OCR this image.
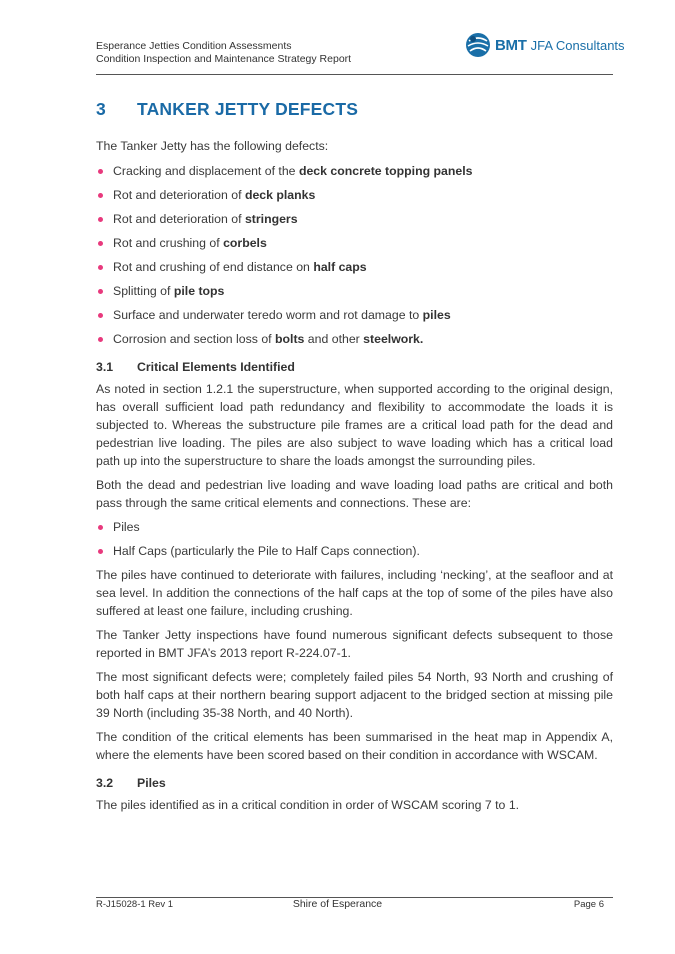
Esperance Jetties Condition Assessments
Condition Inspection and Maintenance Strategy Report
BMT JFA Consultants
3 TANKER JETTY DEFECTS

The Tanker Jetty has the following defects:

Cracking and displacement of the deck concrete topping panels
Rot and deterioration of deck planks
Rot and deterioration of stringers
Rot and crushing of corbels
Rot and crushing of end distance on half caps
Splitting of pile tops
Surface and underwater teredo worm and rot damage to piles
Corrosion and section loss of bolts and other steelwork.
3.1 Critical Elements Identified

As noted in section 1.2.1 the superstructure, when supported according to the original design, has overall sufficient load path redundancy and flexibility to accommodate the loads it is subjected to. Whereas the substructure pile frames are a critical load path for the dead and pedestrian live loading. The piles are also subject to wave loading which has a critical load path up into the superstructure to share the loads amongst the surrounding piles.

Both the dead and pedestrian live loading and wave loading load paths are critical and both pass through the same critical elements and connections. These are:

Piles
Half Caps (particularly the Pile to Half Caps connection).

The piles have continued to deteriorate with failures, including ‘necking’, at the seafloor and at sea level. In addition the connections of the half caps at the top of some of the piles have also suffered at least one failure, including crushing.

The Tanker Jetty inspections have found numerous significant defects subsequent to those reported in BMT JFA’s 2013 report R-224.07-1.

The most significant defects were; completely failed piles 54 North, 93 North and crushing of both half caps at their northern bearing support adjacent to the bridged section at missing pile 39 North (including 35-38 North, and 40 North).

The condition of the critical elements has been summarised in the heat map in Appendix A, where the elements have been scored based on their condition in accordance with WSCAM.

3.2 Piles

The piles identified as in a critical condition in order of WSCAM scoring 7 to 1.

R-J15028-1 Rev 1	Shire of Esperance	Page 6
